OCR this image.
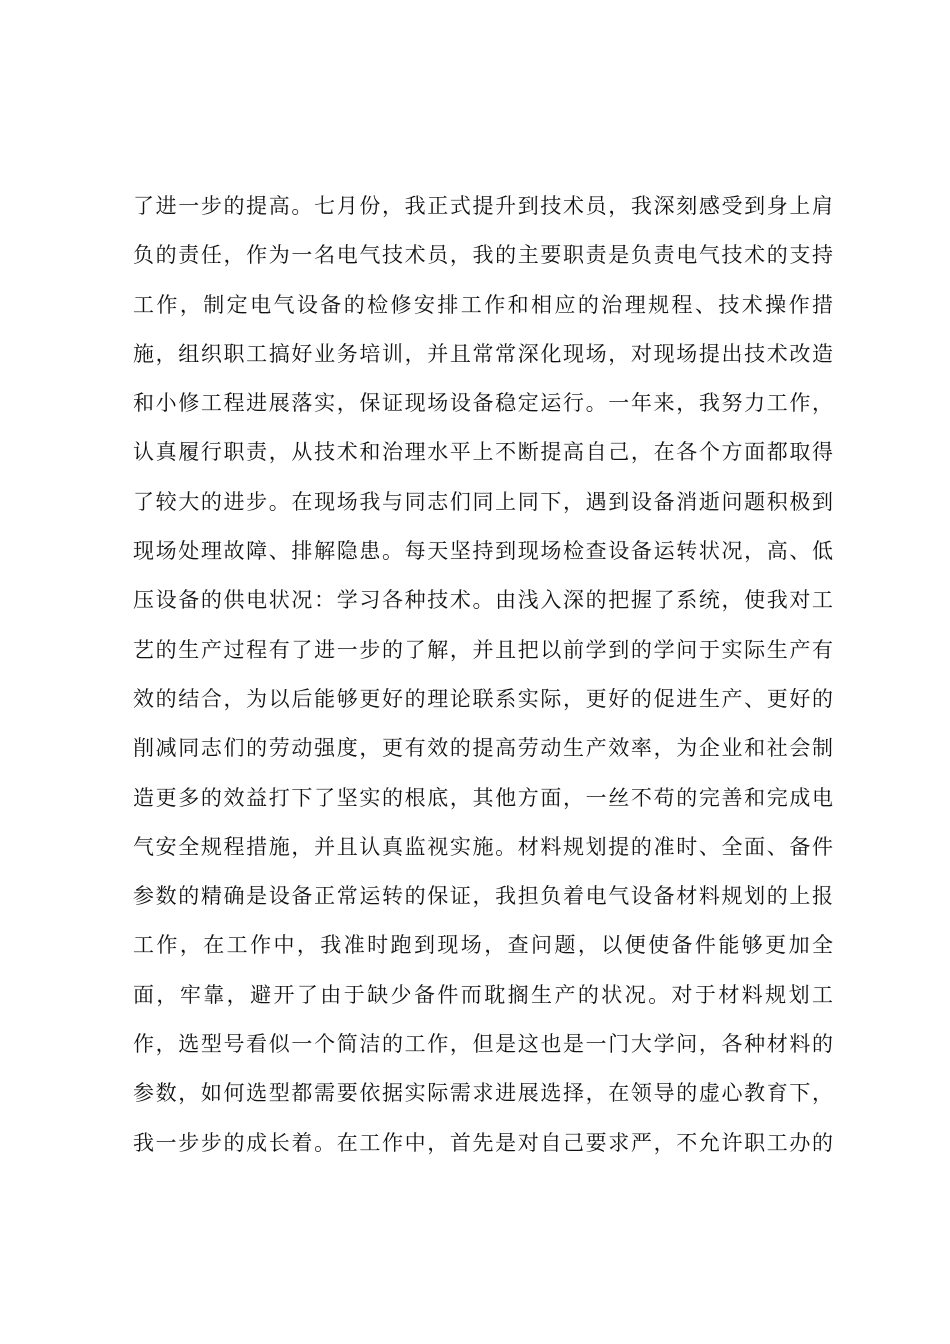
了进一步的提高。七月份，我正式提升到技术员，我深刻感受到身上肩
负的责任，作为一名电气技术员，我的主要职责是负责电气技术的支持
工作，制定电气设备的检修安排工作和相应的治理规程、技术操作措
施，组织职工搞好业务培训，并且常常深化现场，对现场提出技术改造
和小修工程进展落实，保证现场设备稳定运行。一年来，我努力工作，
认真履行职责，从技术和治理水平上不断提高自己，在各个方面都取得
了较大的进步。在现场我与同志们同上同下，遇到设备消逝问题积极到
现场处理故障、排解隐患。每天坚持到现场检查设备运转状况，高、低
压设备的供电状况：学习各种技术。由浅入深的把握了系统，使我对工
艺的生产过程有了进一步的了解，并且把以前学到的学问于实际生产有
效的结合，为以后能够更好的理论联系实际，更好的促进生产、更好的
削减同志们的劳动强度，更有效的提高劳动生产效率，为企业和社会制
造更多的效益打下了坚实的根底，其他方面，一丝不苟的完善和完成电
气安全规程措施，并且认真监视实施。材料规划提的准时、全面、备件
参数的精确是设备正常运转的保证，我担负着电气设备材料规划的上报
工作，在工作中，我准时跑到现场，查问题，以便使备件能够更加全
面，牢靠，避开了由于缺少备件而耽搁生产的状况。对于材料规划工
作，选型号看似一个简洁的工作，但是这也是一门大学问，各种材料的
参数，如何选型都需要依据实际需求进展选择，在领导的虚心教育下，
我一步步的成长着。在工作中，首先是对自己要求严，不允许职工办的
